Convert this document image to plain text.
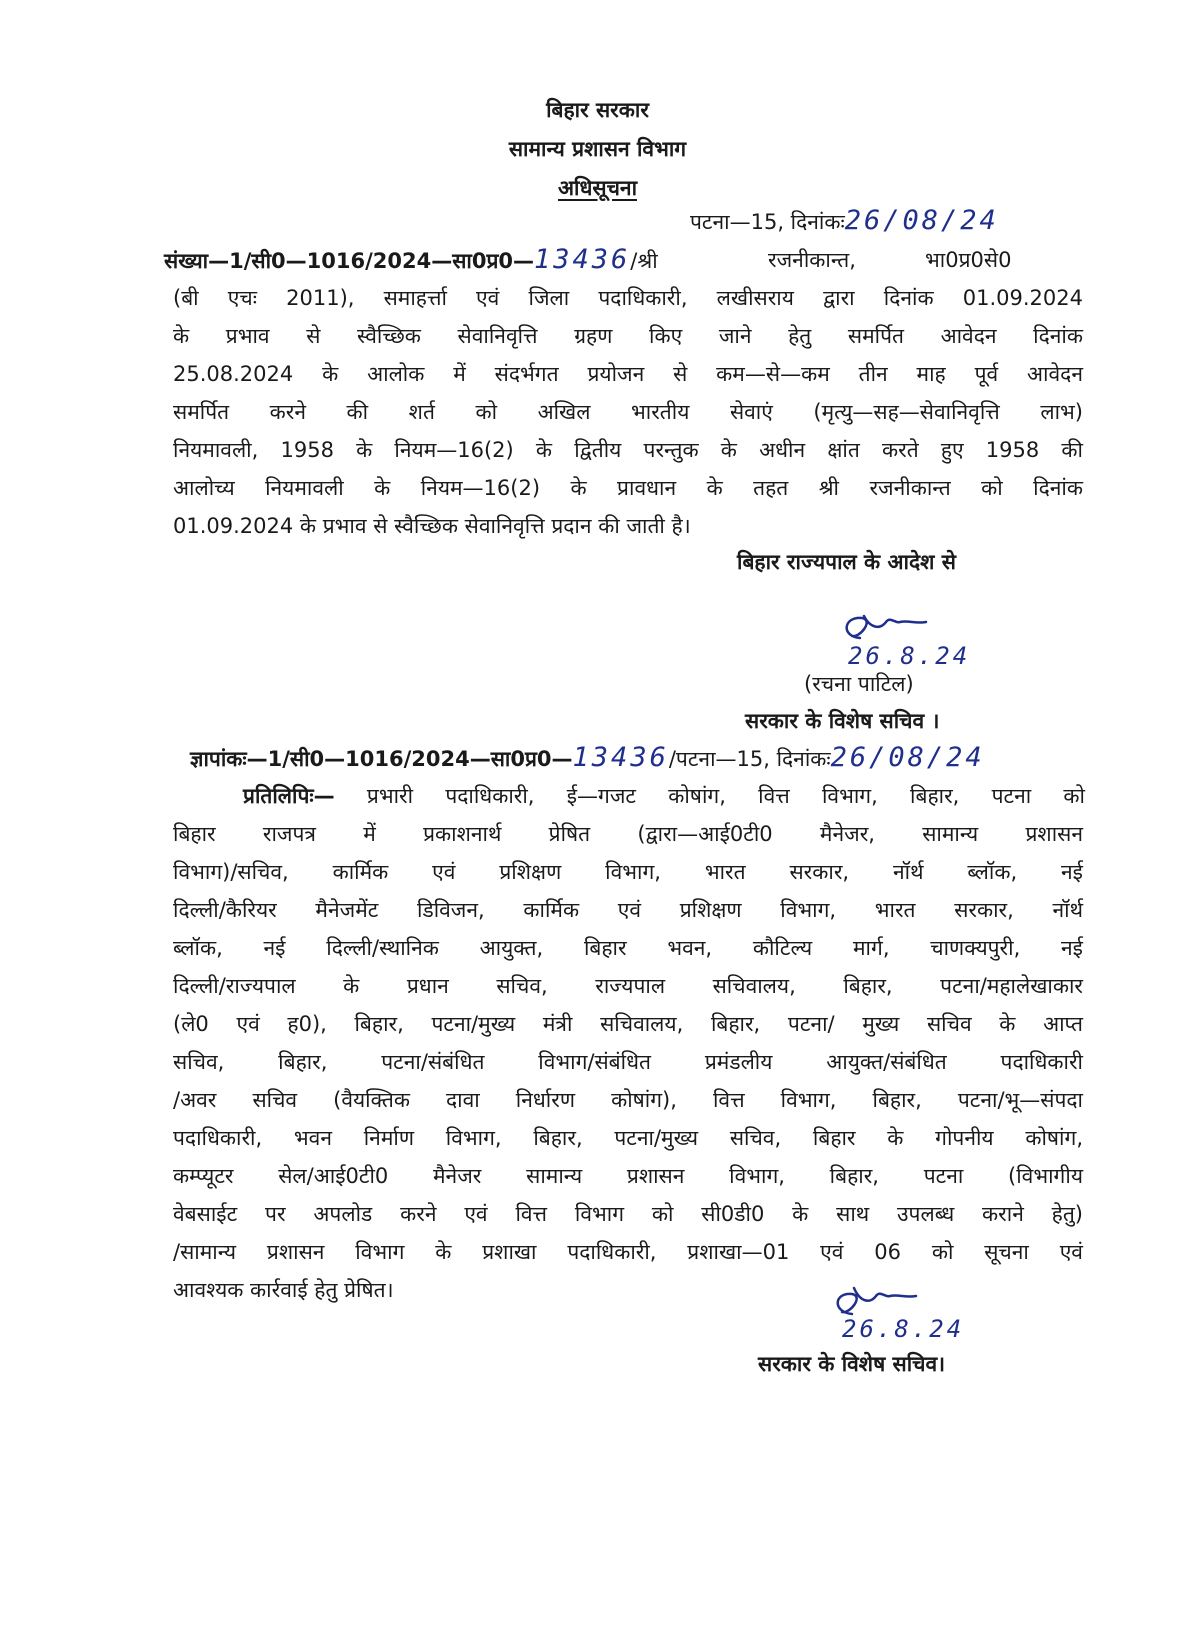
बिहार सरकार
सामान्य प्रशासन विभाग
अधिसूचना
पटना—15, दिनांकः26/08/24
संख्या—1/सी0—1016/2024—सा0प्र0—13436/श्री	रजनीकान्त,	भा0प्र0से0
(बी एचः 2011), समाहर्त्ता एवं जिला पदाधिकारी, लखीसराय द्वारा दिनांक 01.09.2024
के प्रभाव से स्वैच्छिक सेवानिवृत्ति ग्रहण किए जाने हेतु समर्पित आवेदन दिनांक
25.08.2024 के आलोक में संदर्भगत प्रयोजन से कम—से—कम तीन माह पूर्व आवेदन
समर्पित करने की शर्त को अखिल भारतीय सेवाएं (मृत्यु—सह—सेवानिवृत्ति लाभ)
नियमावली, 1958 के नियम—16(2) के द्वितीय परन्तुक के अधीन क्षांत करते हुए 1958 की
आलोच्य नियमावली के नियम—16(2) के प्रावधान के तहत श्री रजनीकान्त को दिनांक
01.09.2024 के प्रभाव से स्वैच्छिक सेवानिवृत्ति प्रदान की जाती है।
बिहार राज्यपाल के आदेश से
26.8.24
(रचना पाटिल)
सरकार के विशेष सचिव ।
ज्ञापांकः—1/सी0—1016/2024—सा0प्र0—13436/पटना—15, दिनांकः26/08/24
प्रतिलिपिः— प्रभारी पदाधिकारी, ई—गजट कोषांग, वित्त विभाग, बिहार, पटना को
बिहार राजपत्र में प्रकाशनार्थ प्रेषित (द्वारा—आई0टी0 मैनेजर, सामान्य प्रशासन
विभाग)/सचिव, कार्मिक एवं प्रशिक्षण विभाग, भारत सरकार, नॉर्थ ब्लॉक, नई
दिल्ली/कैरियर मैनेजमेंट डिविजन, कार्मिक एवं प्रशिक्षण विभाग, भारत सरकार, नॉर्थ
ब्लॉक, नई दिल्ली/स्थानिक आयुक्त, बिहार भवन, कौटिल्य मार्ग, चाणक्यपुरी, नई
दिल्ली/राज्यपाल के प्रधान सचिव, राज्यपाल सचिवालय, बिहार, पटना/महालेखाकार
(ले0 एवं ह0), बिहार, पटना/मुख्य मंत्री सचिवालय, बिहार, पटना/ मुख्य सचिव के आप्त
सचिव, बिहार, पटना/संबंधित विभाग/संबंधित प्रमंडलीय आयुक्त/संबंधित पदाधिकारी
/अवर सचिव (वैयक्तिक दावा निर्धारण कोषांग), वित्त विभाग, बिहार, पटना/भू—संपदा
पदाधिकारी, भवन निर्माण विभाग, बिहार, पटना/मुख्य सचिव, बिहार के गोपनीय कोषांग,
कम्प्यूटर सेल/आई0टी0 मैनेजर सामान्य प्रशासन विभाग, बिहार, पटना (विभागीय
वेबसाईट पर अपलोड करने एवं वित्त विभाग को सी0डी0 के साथ उपलब्ध कराने हेतु)
/सामान्य प्रशासन विभाग के प्रशाखा पदाधिकारी, प्रशाखा—01 एवं 06 को सूचना एवं
आवश्यक कार्रवाई हेतु प्रेषित।
26.8.24
सरकार के विशेष सचिव।
